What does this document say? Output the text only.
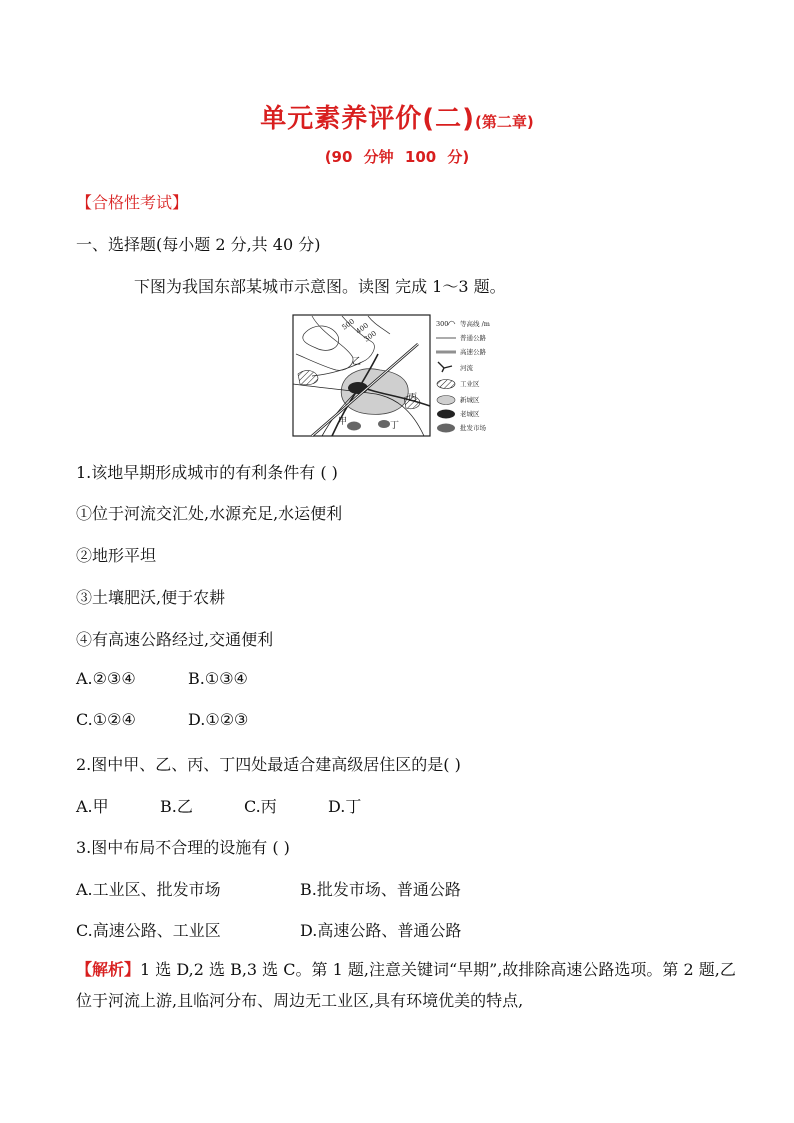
单元素养评价(二)(第二章)
(90 分钟 100 分)
【合格性考试】
一、选择题(每小题 2 分,共 40 分)
下图为我国东部某城市示意图。读图 完成 1～3 题。
500
400
300
乙
甲
丙
丁
300 等高线 /m
普通公路
高速公路
河流
工业区
新城区
老城区
批发市场
1.该地早期形成城市的有利条件有 ( )
①位于河流交汇处,水源充足,水运便利
②地形平坦
③土壤肥沃,便于农耕
④有高速公路经过,交通便利
A.②③④	B.①③④
C.①②④	D.①②③
2.图中甲、乙、丙、丁四处最适合建高级居住区的是( )
A.甲	B.乙	C.丙	D.丁
3.图中布局不合理的设施有 ( )
A.工业区、批发市场	B.批发市场、普通公路
C.高速公路、工业区	D.高速公路、普通公路
【解析】1 选 D,2 选 B,3 选 C。第 1 题,注意关键词“早期”,故排除高速公路选项。第 2 题,乙位于河流上游,且临河分布、周边无工业区,具有环境优美的特点,
